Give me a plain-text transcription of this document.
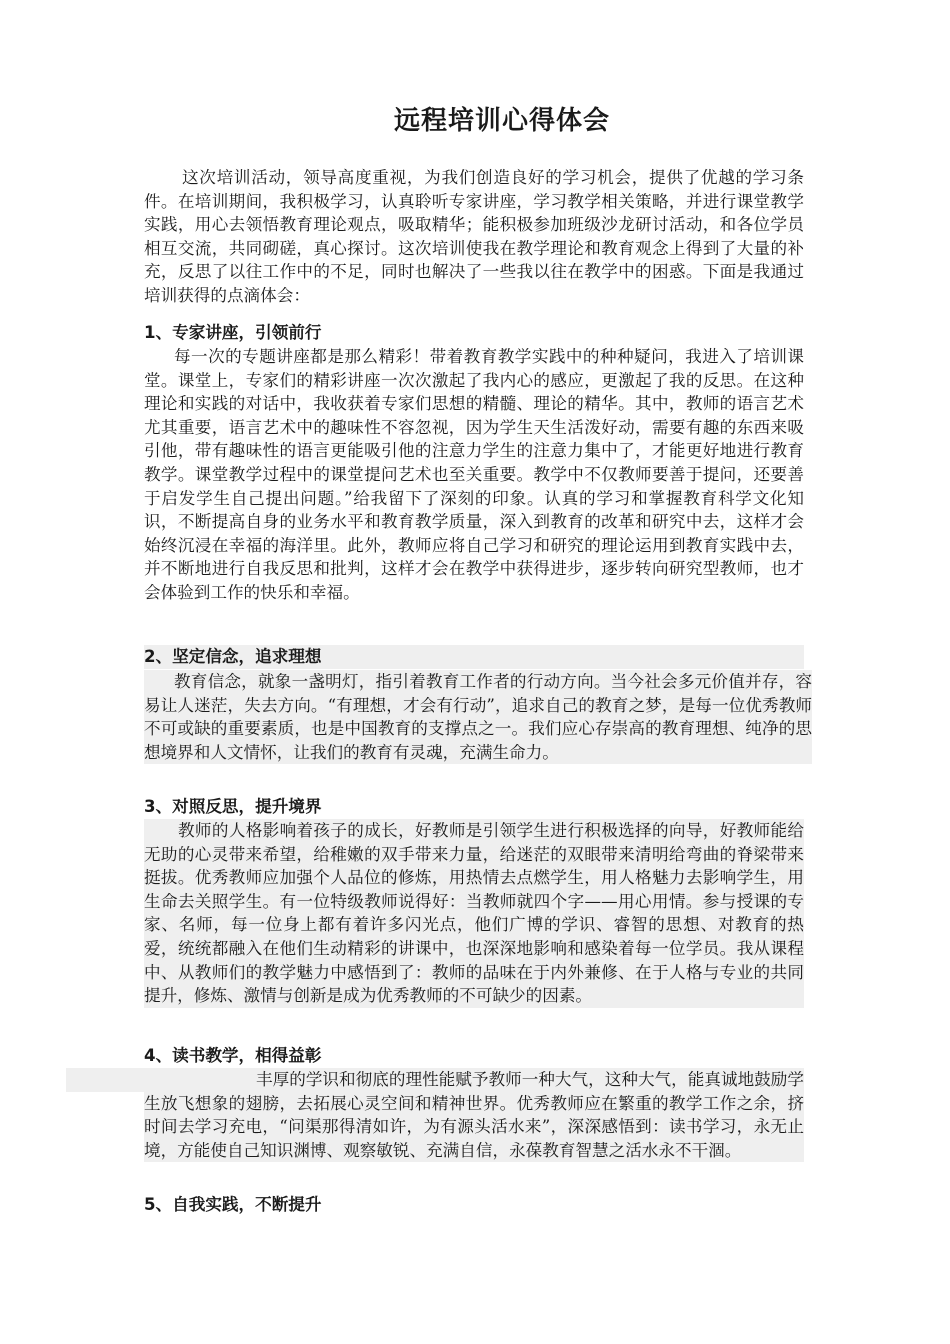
远程培训心得体会
这次培训活动，领导高度重视，为我们创造良好的学习机会，提供了优越的学习条件。在培训期间，我积极学习，认真聆听专家讲座，学习教学相关策略，并进行课堂教学实践，用心去领悟教育理论观点，吸取精华；能积极参加班级沙龙研讨活动，和各位学员相互交流，共同砌磋，真心探讨。这次培训使我在教学理论和教育观念上得到了大量的补充，反思了以往工作中的不足，同时也解决了一些我以往在教学中的困惑。下面是我通过培训获得的点滴体会：
1、专家讲座，引领前行
每一次的专题讲座都是那么精彩！带着教育教学实践中的种种疑问，我进入了培训课堂。课堂上，专家们的精彩讲座一次次激起了我内心的感应，更激起了我的反思。在这种理论和实践的对话中，我收获着专家们思想的精髓、理论的精华。其中，教师的语言艺术尤其重要，语言艺术中的趣味性不容忽视，因为学生天生活泼好动，需要有趣的东西来吸引他，带有趣味性的语言更能吸引他的注意力学生的注意力集中了，才能更好地进行教育教学。课堂教学过程中的课堂提问艺术也至关重要。教学中不仅教师要善于提问，还要善于启发学生自己提出问题。”给我留下了深刻的印象。认真的学习和掌握教育科学文化知识，不断提高自身的业务水平和教育教学质量，深入到教育的改革和研究中去，这样才会始终沉浸在幸福的海洋里。此外，教师应将自己学习和研究的理论运用到教育实践中去，并不断地进行自我反思和批判，这样才会在教学中获得进步，逐步转向研究型教师，也才会体验到工作的快乐和幸福。
2、坚定信念，追求理想
教育信念，就象一盏明灯，指引着教育工作者的行动方向。当今社会多元价值并存，容易让人迷茫，失去方向。“有理想，才会有行动”，追求自己的教育之梦，是每一位优秀教师不可或缺的重要素质，也是中国教育的支撑点之一。我们应心存崇高的教育理想、纯净的思想境界和人文情怀，让我们的教育有灵魂，充满生命力。
3、对照反思，提升境界
教师的人格影响着孩子的成长，好教师是引领学生进行积极选择的向导，好教师能给无助的心灵带来希望，给稚嫩的双手带来力量，给迷茫的双眼带来清明给弯曲的脊梁带来挺拔。优秀教师应加强个人品位的修炼，用热情去点燃学生，用人格魅力去影响学生，用生命去关照学生。有一位特级教师说得好：当教师就四个字——用心用情。参与授课的专家、名师，每一位身上都有着许多闪光点，他们广博的学识、睿智的思想、对教育的热爱，统统都融入在他们生动精彩的讲课中，也深深地影响和感染着每一位学员。我从课程中、从教师们的教学魅力中感悟到了：教师的品味在于内外兼修、在于人格与专业的共同提升，修炼、激情与创新是成为优秀教师的不可缺少的因素。
4、读书教学，相得益彰
丰厚的学识和彻底的理性能赋予教师一种大气，这种大气，能真诚地鼓励学生放飞想象的翅膀，去拓展心灵空间和精神世界。优秀教师应在繁重的教学工作之余，挤时间去学习充电，“问渠那得清如许，为有源头活水来”，深深感悟到：读书学习，永无止境，方能使自己知识渊博、观察敏锐、充满自信，永葆教育智慧之活水永不干涸。
5、自我实践，不断提升
